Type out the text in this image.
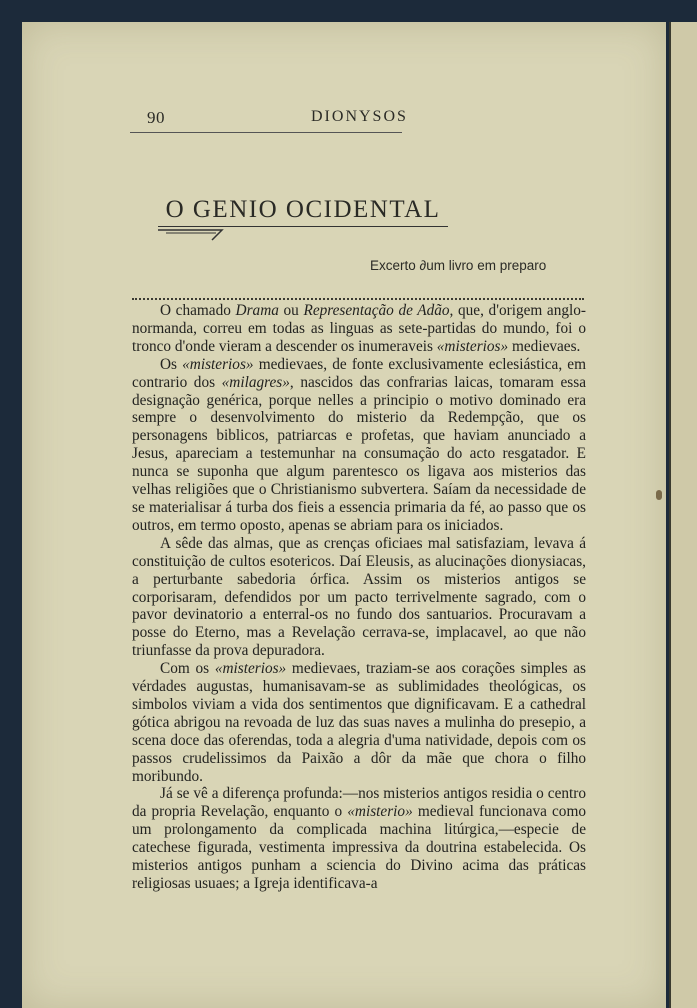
90	DIONYSOS
O GENIO OCIDENTAL
Excerto ∂um livro em preparo

O chamado Drama ou Representação de Adão, que, d'origem anglo-normanda, correu em todas as linguas as sete-partidas do mundo, foi o tronco d'onde vieram a descender os inumeraveis «misterios» medievaes.

Os «misterios» medievaes, de fonte exclusivamente eclesiástica, em contrario dos «milagres», nascidos das confrarias laicas, tomaram essa designação genérica, porque nelles a principio o motivo dominado era sempre o desenvolvimento do misterio da Redempção, que os personagens biblicos, patriarcas e profetas, que haviam anunciado a Jesus, apareciam a testemunhar na consumação do acto resgatador. E nunca se suponha que algum parentesco os ligava aos misterios das velhas religiões que o Christianismo subvertera. Saíam da necessidade de se materialisar á turba dos fieis a essencia primaria da fé, ao passo que os outros, em termo oposto, apenas se abriam para os iniciados.

A sêde das almas, que as crenças oficiaes mal satisfaziam, levava á constituição de cultos esotericos. Daí Eleusis, as alucinações dionysiacas, a perturbante sabedoria órfica. Assim os misterios antigos se corporisaram, defendidos por um pacto terrivelmente sagrado, com o pavor devinatorio a enterral-os no fundo dos santuarios. Procuravam a posse do Eterno, mas a Revelação cerrava-se, implacavel, ao que não triunfasse da prova depuradora.

Com os «misterios» medievaes, traziam-se aos corações simples as vérdades augustas, humanisavam-se as sublimidades theológicas, os simbolos viviam a vida dos sentimentos que dignificavam. E a cathedral gótica abrigou na revoada de luz das suas naves a mulinha do presepio, a scena doce das oferendas, toda a alegria d'uma natividade, depois com os passos crudelissimos da Paixão a dôr da mãe que chora o filho moribundo.

Já se vê a diferença profunda:—nos misterios antigos residia o centro da propria Revelação, enquanto o «misterio» medieval funcionava como um prolongamento da complicada machina litúrgica,—especie de catechese figurada, vestimenta impressiva da doutrina estabelecida. Os misterios antigos punham a sciencia do Divino acima das práticas religiosas usuaes; a Igreja identificava-a
